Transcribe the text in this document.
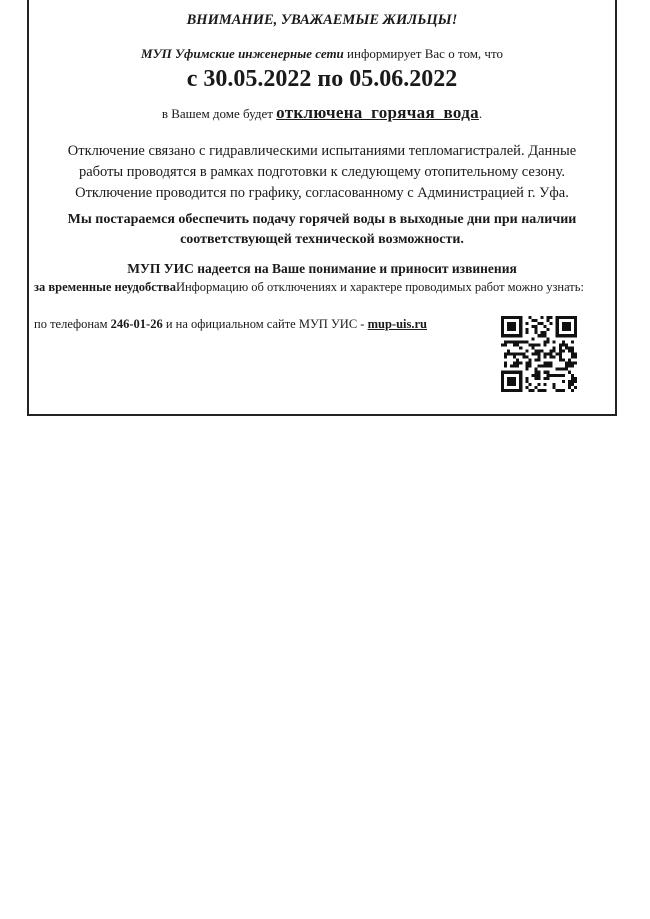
ВНИМАНИЕ, УВАЖАЕМЫЕ ЖИЛЬЦЫ!
МУП Уфимские инженерные сети информирует Вас о том, что
с 30.05.2022 по 05.06.2022
в Вашем доме будет отключена горячая вода.
Отключение связано с гидравлическими испытаниями тепломагистралей. Данные работы проводятся в рамках подготовки к следующему отопительному сезону. Отключение проводится по графику, согласованному с Администрацией г. Уфа.
Мы постараемся обеспечить подачу горячей воды в выходные дни при наличии соответствующей технической возможности.
МУП УИС надеется на Ваше понимание и приносит извинения
за временные неудобстваИнформацию об отключениях и характере проводимых работ можно узнать:
по телефонам 246-01-26 и на официальном сайте МУП УИС - mup-uis.ru
